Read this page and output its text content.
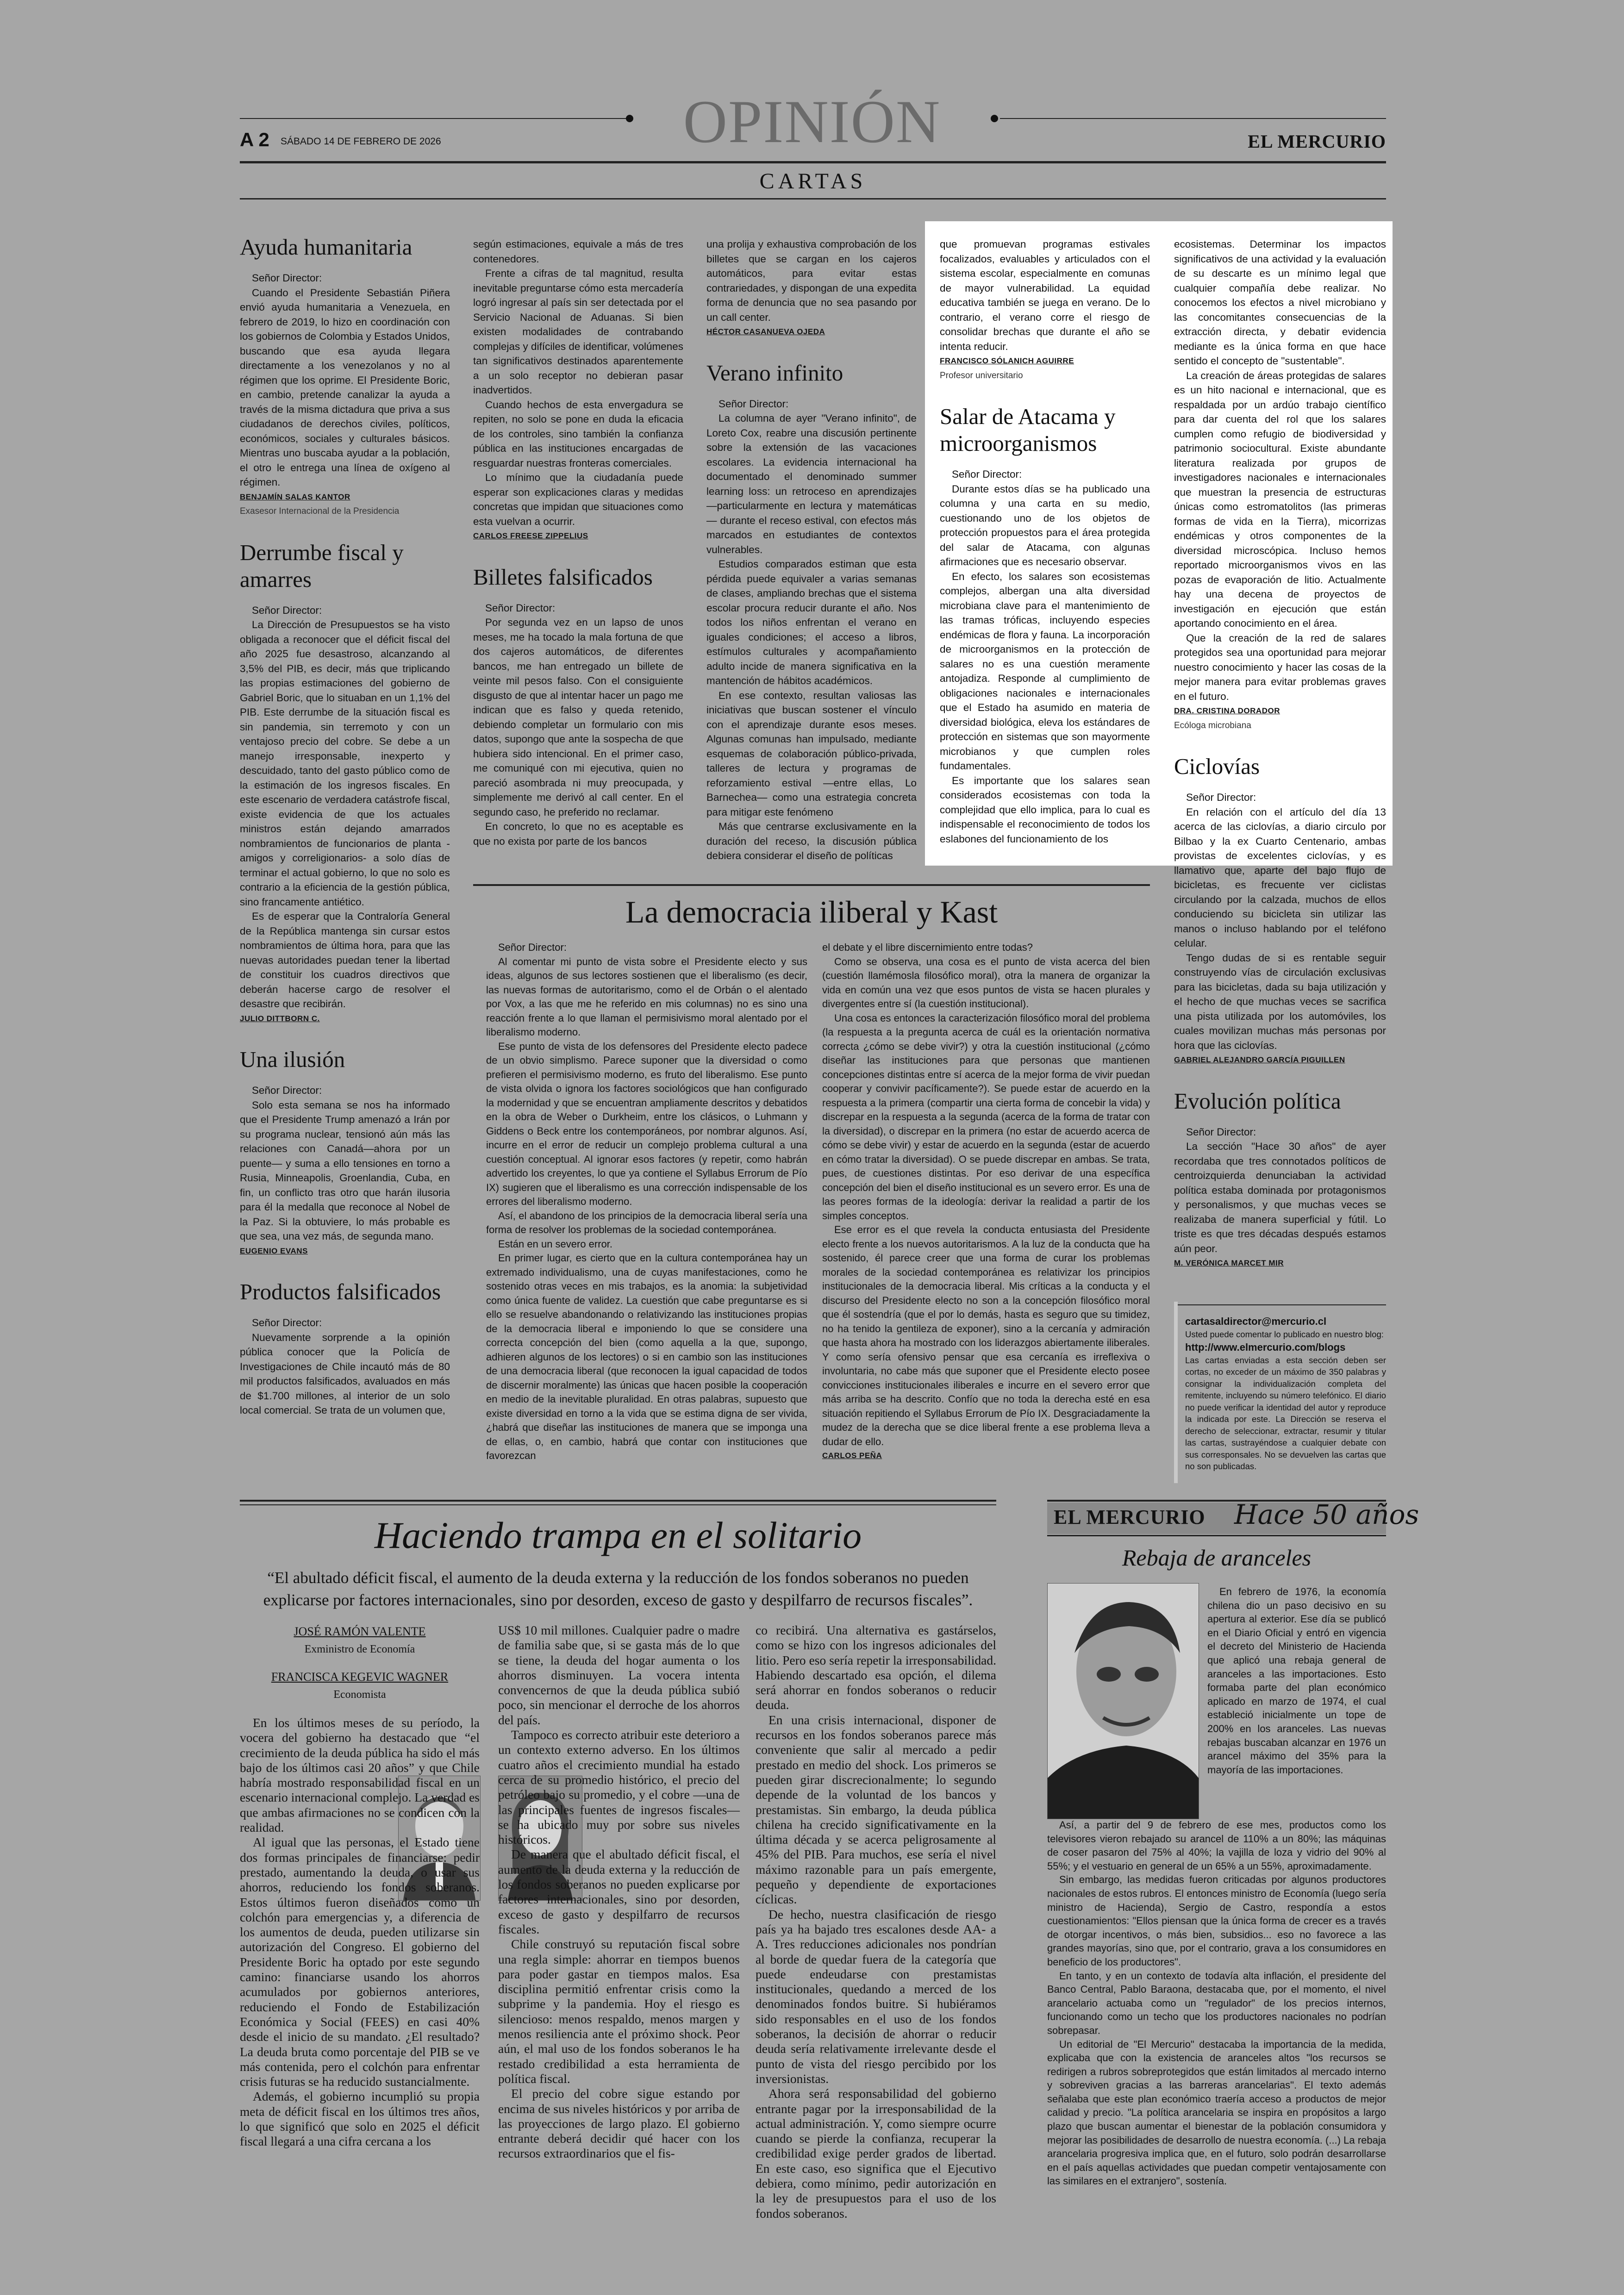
A 2 SÁBADO 14 DE FEBRERO DE 2026	OPINIÓN	EL MERCURIO
CARTAS
Ayuda humanitaria

Señor Director:

Cuando el Presidente Sebastián Piñera envió ayuda humanitaria a Venezuela, en febrero de 2019, lo hizo en coordinación con los gobiernos de Colombia y Estados Unidos, buscando que esa ayuda llegara directamente a los venezolanos y no al régimen que los oprime. El Presidente Boric, en cambio, pretende canalizar la ayuda a través de la misma dictadura que priva a sus ciudadanos de derechos civiles, políticos, económicos, sociales y culturales básicos. Mientras uno buscaba ayudar a la población, el otro le entrega una línea de oxígeno al régimen.

BENJAMÍN SALAS KANTOR

Exasesor Internacional de la Presidencia

Derrumbe fiscal y amarres

Señor Director:

La Dirección de Presupuestos se ha visto obligada a reconocer que el déficit fiscal del año 2025 fue desastroso, alcanzando al 3,5% del PIB, es decir, más que triplicando las propias estimaciones del gobierno de Gabriel Boric, que lo situaban en un 1,1% del PIB. Este derrumbe de la situación fiscal es sin pandemia, sin terremoto y con un ventajoso precio del cobre. Se debe a un manejo irresponsable, inexperto y descuidado, tanto del gasto público como de la estimación de los ingresos fiscales. En este escenario de verdadera catástrofe fiscal, existe evidencia de que los actuales ministros están dejando amarrados nombramientos de funcionarios de planta -amigos y correligionarios- a solo días de terminar el actual gobierno, lo que no solo es contrario a la eficiencia de la gestión pública, sino francamente antiético.

Es de esperar que la Contraloría General de la República mantenga sin cursar estos nombramientos de última hora, para que las nuevas autoridades puedan tener la libertad de constituir los cuadros directivos que deberán hacerse cargo de resolver el desastre que recibirán.

JULIO DITTBORN C.

Una ilusión

Señor Director:

Solo esta semana se nos ha informado que el Presidente Trump amenazó a Irán por su programa nuclear, tensionó aún más las relaciones con Canadá—ahora por un puente— y suma a ello tensiones en torno a Rusia, Minneapolis, Groenlandia, Cuba, en fin, un conflicto tras otro que harán ilusoria para él la medalla que reconoce al Nobel de la Paz. Si la obtuviere, lo más probable es que sea, una vez más, de segunda mano.

EUGENIO EVANS

Productos falsificados

Señor Director:

Nuevamente sorprende a la opinión pública conocer que la Policía de Investigaciones de Chile incautó más de 80 mil productos falsificados, avaluados en más de $1.700 millones, al interior de un solo local comercial. Se trata de un volumen que,

según estimaciones, equivale a más de tres contenedores.

Frente a cifras de tal magnitud, resulta inevitable preguntarse cómo esta mercadería logró ingresar al país sin ser detectada por el Servicio Nacional de Aduanas. Si bien existen modalidades de contrabando complejas y difíciles de identificar, volúmenes tan significativos destinados aparentemente a un solo receptor no debieran pasar inadvertidos.

Cuando hechos de esta envergadura se repiten, no solo se pone en duda la eficacia de los controles, sino también la confianza pública en las instituciones encargadas de resguardar nuestras fronteras comerciales.

Lo mínimo que la ciudadanía puede esperar son explicaciones claras y medidas concretas que impidan que situaciones como esta vuelvan a ocurrir.

CARLOS FREESE ZIPPELIUS

Billetes falsificados

Señor Director:

Por segunda vez en un lapso de unos meses, me ha tocado la mala fortuna de que dos cajeros automáticos, de diferentes bancos, me han entregado un billete de veinte mil pesos falso. Con el consiguiente disgusto de que al intentar hacer un pago me indican que es falso y queda retenido, debiendo completar un formulario con mis datos, supongo que ante la sospecha de que hubiera sido intencional. En el primer caso, me comuniqué con mi ejecutiva, quien no pareció asombrada ni muy preocupada, y simplemente me derivó al call center. En el segundo caso, he preferido no reclamar.

En concreto, lo que no es aceptable es que no exista por parte de los bancos

una prolija y exhaustiva comprobación de los billetes que se cargan en los cajeros automáticos, para evitar estas contrariedades, y dispongan de una expedita forma de denuncia que no sea pasando por un call center.

HÉCTOR CASANUEVA OJEDA

Verano infinito

Señor Director:

La columna de ayer "Verano infinito", de Loreto Cox, reabre una discusión pertinente sobre la extensión de las vacaciones escolares. La evidencia internacional ha documentado el denominado summer learning loss: un retroceso en aprendizajes —particularmente en lectura y matemáticas— durante el receso estival, con efectos más marcados en estudiantes de contextos vulnerables.

Estudios comparados estiman que esta pérdida puede equivaler a varias semanas de clases, ampliando brechas que el sistema escolar procura reducir durante el año. Nos todos los niños enfrentan el verano en iguales condiciones; el acceso a libros, estímulos culturales y acompañamiento adulto incide de manera significativa en la mantención de hábitos académicos.

En ese contexto, resultan valiosas las iniciativas que buscan sostener el vínculo con el aprendizaje durante esos meses. Algunas comunas han impulsado, mediante esquemas de colaboración público-privada, talleres de lectura y programas de reforzamiento estival —entre ellas, Lo Barnechea— como una estrategia concreta para mitigar este fenómeno

Más que centrarse exclusivamente en la duración del receso, la discusión pública debiera considerar el diseño de políticas

que promuevan programas estivales focalizados, evaluables y articulados con el sistema escolar, especialmente en comunas de mayor vulnerabilidad. La equidad educativa también se juega en verano. De lo contrario, el verano corre el riesgo de consolidar brechas que durante el año se intenta reducir.

FRANCISCO SÓLANICH AGUIRRE

Profesor universitario

Salar de Atacama y microorganismos

Señor Director:

Durante estos días se ha publicado una columna y una carta en su medio, cuestionando uno de los objetos de protección propuestos para el área protegida del salar de Atacama, con algunas afirmaciones que es necesario observar.

En efecto, los salares son ecosistemas complejos, albergan una alta diversidad microbiana clave para el mantenimiento de las tramas tróficas, incluyendo especies endémicas de flora y fauna. La incorporación de microorganismos en la protección de salares no es una cuestión meramente antojadiza. Responde al cumplimiento de obligaciones nacionales e internacionales que el Estado ha asumido en materia de diversidad biológica, eleva los estándares de protección en sistemas que son mayormente microbianos y que cumplen roles fundamentales.

Es importante que los salares sean considerados ecosistemas con toda la complejidad que ello implica, para lo cual es indispensable el reconocimiento de todos los eslabones del funcionamiento de los

ecosistemas. Determinar los impactos significativos de una actividad y la evaluación de su descarte es un mínimo legal que cualquier compañía debe realizar. No conocemos los efectos a nivel microbiano y las concomitantes consecuencias de la extracción directa, y debatir evidencia mediante es la única forma en que hace sentido el concepto de "sustentable".

La creación de áreas protegidas de salares es un hito nacional e internacional, que es respaldada por un ardúo trabajo científico para dar cuenta del rol que los salares cumplen como refugio de biodiversidad y patrimonio sociocultural. Existe abundante literatura realizada por grupos de investigadores nacionales e internacionales que muestran la presencia de estructuras únicas como estromatolitos (las primeras formas de vida en la Tierra), micorrizas endémicas y otros componentes de la diversidad microscópica. Incluso hemos reportado microorganismos vivos en las pozas de evaporación de litio. Actualmente hay una decena de proyectos de investigación en ejecución que están aportando conocimiento en el área.

Que la creación de la red de salares protegidos sea una oportunidad para mejorar nuestro conocimiento y hacer las cosas de la mejor manera para evitar problemas graves en el futuro.

DRA. CRISTINA DORADOR

Ecóloga microbiana

Ciclovías

Señor Director:

En relación con el artículo del día 13 acerca de las ciclovías, a diario circulo por Bilbao y la ex Cuarto Centenario, ambas provistas de excelentes ciclovías, y es llamativo que, aparte del bajo flujo de bicicletas, es frecuente ver ciclistas circulando por la calzada, muchos de ellos conduciendo su bicicleta sin utilizar las manos o incluso hablando por el teléfono celular.

Tengo dudas de si es rentable seguir construyendo vías de circulación exclusivas para las bicicletas, dada su baja utilización y el hecho de que muchas veces se sacrifica una pista utilizada por los automóviles, los cuales movilizan muchas más personas por hora que las ciclovías.

GABRIEL ALEJANDRO GARCÍA PIGUILLEN

Evolución política

Señor Director:

La sección "Hace 30 años" de ayer recordaba que tres connotados políticos de centroizquierda denunciaban la actividad política estaba dominada por protagonismos y personalismos, y que muchas veces se realizaba de manera superficial y fútil. Lo triste es que tres décadas después estamos aún peor.

M. VERÓNICA MARCET MIR

cartasaldirector@mercurio.cl
Usted puede comentar lo publicado en nuestro blog:
http://www.elmercurio.com/blogs
Las cartas enviadas a esta sección deben ser cortas, no exceder de un máximo de 350 palabras y consignar la individualización completa del remitente, incluyendo su número telefónico. El diario no puede verificar la identidad del autor y reproduce la indicada por este. La Dirección se reserva el derecho de seleccionar, extractar, resumir y titular las cartas, sustrayéndose a cualquier debate con sus corresponsales. No se devuelven las cartas que no son publicadas.
La democracia iliberal y Kast

Señor Director:

Al comentar mi punto de vista sobre el Presidente electo y sus ideas, algunos de sus lectores sostienen que el liberalismo (es decir, las nuevas formas de autoritarismo, como el de Orbán o el alentado por Vox, a las que me he referido en mis columnas) no es sino una reacción frente a lo que llaman el permisivismo moral alentado por el liberalismo moderno.

Ese punto de vista de los defensores del Presidente electo padece de un obvio simplismo. Parece suponer que la diversidad o como prefieren el permisivismo moderno, es fruto del liberalismo. Ese punto de vista olvida o ignora los factores sociológicos que han configurado la modernidad y que se encuentran ampliamente descritos y debatidos en la obra de Weber o Durkheim, entre los clásicos, o Luhmann y Giddens o Beck entre los contemporáneos, por nombrar algunos. Así, incurre en el error de reducir un complejo problema cultural a una cuestión conceptual. Al ignorar esos factores (y repetir, como habrán advertido los creyentes, lo que ya contiene el Syllabus Errorum de Pío IX) sugieren que el liberalismo es una corrección indispensable de los errores del liberalismo moderno.

Así, el abandono de los principios de la democracia liberal sería una forma de resolver los problemas de la sociedad contemporánea.

Están en un severo error.

En primer lugar, es cierto que en la cultura contemporánea hay un extremado individualismo, una de cuyas manifestaciones, como he sostenido otras veces en mis trabajos, es la anomia: la subjetividad como única fuente de validez. La cuestión que cabe preguntarse es si ello se resuelve abandonando o relativizando las instituciones propias de la democracia liberal e imponiendo lo que se considere una correcta concepción del bien (como aquella a la que, supongo, adhieren algunos de los lectores) o si en cambio son las instituciones de una democracia liberal (que reconocen la igual capacidad de todos de discernir moralmente) las únicas que hacen posible la cooperación en medio de la inevitable pluralidad. En otras palabras, supuesto que existe diversidad en torno a la vida que se estima digna de ser vivida, ¿habrá que diseñar las instituciones de manera que se imponga una de ellas, o, en cambio, habrá que contar con instituciones que favorezcan

el debate y el libre discernimiento entre todas?

Como se observa, una cosa es el punto de vista acerca del bien (cuestión llamémosla filosófico moral), otra la manera de organizar la vida en común una vez que esos puntos de vista se hacen plurales y divergentes entre sí (la cuestión institucional).

Una cosa es entonces la caracterización filosófico moral del problema (la respuesta a la pregunta acerca de cuál es la orientación normativa correcta ¿cómo se debe vivir?) y otra la cuestión institucional (¿cómo diseñar las instituciones para que personas que mantienen concepciones distintas entre sí acerca de la mejor forma de vivir puedan cooperar y convivir pacíficamente?). Se puede estar de acuerdo en la respuesta a la primera (compartir una cierta forma de concebir la vida) y discrepar en la respuesta a la segunda (acerca de la forma de tratar con la diversidad), o discrepar en la primera (no estar de acuerdo acerca de cómo se debe vivir) y estar de acuerdo en la segunda (estar de acuerdo en cómo tratar la diversidad). O se puede discrepar en ambas. Se trata, pues, de cuestiones distintas. Por eso derivar de una específica concepción del bien el diseño institucional es un severo error. Es una de las peores formas de la ideología: derivar la realidad a partir de los simples conceptos.

Ese error es el que revela la conducta entusiasta del Presidente electo frente a los nuevos autoritarismos. A la luz de la conducta que ha sostenido, él parece creer que una forma de curar los problemas morales de la sociedad contemporánea es relativizar los principios institucionales de la democracia liberal. Mis críticas a la conducta y el discurso del Presidente electo no son a la concepción filosófico moral que él sostendría (que el por lo demás, hasta es seguro que su timidez, no ha tenido la gentileza de exponer), sino a la cercanía y admiración que hasta ahora ha mostrado con los liderazgos abiertamente iliberales. Y como sería ofensivo pensar que esa cercanía es irreflexiva o involuntaria, no cabe más que suponer que el Presidente electo posee convicciones institucionales iliberales e incurre en el severo error que más arriba se ha descrito. Confío que no toda la derecha esté en esa situación repitiendo el Syllabus Errorum de Pío IX. Desgraciadamente la mudez de la derecha que se dice liberal frente a ese problema lleva a dudar de ello.

CARLOS PEÑA

Haciendo trampa en el solitario
“El abultado déficit fiscal, el aumento de la deuda externa y la reducción de los fondos soberanos no pueden explicarse por factores internacionales, sino por desorden, exceso de gasto y despilfarro de recursos fiscales”.
JOSÉ RAMÓN VALENTE
Exministro de Economía
FRANCISCA KEGEVIC WAGNER
Economista

En los últimos meses de su período, la vocera del gobierno ha destacado que “el crecimiento de la deuda pública ha sido el más bajo de los últimos casi 20 años” y que Chile habría mostrado responsabilidad fiscal en un escenario internacional complejo. La verdad es que ambas afirmaciones no se condicen con la realidad.

Al igual que las personas, el Estado tiene dos formas principales de financiarse: pedir prestado, aumentando la deuda, o usar sus ahorros, reduciendo los fondos soberanos. Estos últimos fueron diseñados como un colchón para emergencias y, a diferencia de los aumentos de deuda, pueden utilizarse sin autorización del Congreso. El gobierno del Presidente Boric ha optado por este segundo camino: financiarse usando los ahorros acumulados por gobiernos anteriores, reduciendo el Fondo de Estabilización Económica y Social (FEES) en casi 40% desde el inicio de su mandato. ¿El resultado? La deuda bruta como porcentaje del PIB se ve más contenida, pero el colchón para enfrentar crisis futuras se ha reducido sustancialmente.

Además, el gobierno incumplió su propia meta de déficit fiscal en los últimos tres años, lo que significó que solo en 2025 el déficit fiscal llegará a una cifra cercana a los

US$ 10 mil millones. Cualquier padre o madre de familia sabe que, si se gasta más de lo que se tiene, la deuda del hogar aumenta o los ahorros disminuyen. La vocera intenta convencernos de que la deuda pública subió poco, sin mencionar el derroche de los ahorros del país.

Tampoco es correcto atribuir este deterioro a un contexto externo adverso. En los últimos cuatro años el crecimiento mundial ha estado cerca de su promedio histórico, el precio del petróleo bajo su promedio, y el cobre —una de las principales fuentes de ingresos fiscales— se ha ubicado muy por sobre sus niveles históricos.

De manera que el abultado déficit fiscal, el aumento de la deuda externa y la reducción de los fondos soberanos no pueden explicarse por factores internacionales, sino por desorden, exceso de gasto y despilfarro de recursos fiscales.

Chile construyó su reputación fiscal sobre una regla simple: ahorrar en tiempos buenos para poder gastar en tiempos malos. Esa disciplina permitió enfrentar crisis como la subprime y la pandemia. Hoy el riesgo es silencioso: menos respaldo, menos margen y menos resiliencia ante el próximo shock. Peor aún, el mal uso de los fondos soberanos le ha restado credibilidad a esta herramienta de política fiscal.

El precio del cobre sigue estando por encima de sus niveles históricos y por arriba de las proyecciones de largo plazo. El gobierno entrante deberá decidir qué hacer con los recursos extraordinarios que el fis-

co recibirá. Una alternativa es gastárselos, como se hizo con los ingresos adicionales del litio. Pero eso sería repetir la irresponsabilidad. Habiendo descartado esa opción, el dilema será ahorrar en fondos soberanos o reducir deuda.

En una crisis internacional, disponer de recursos en los fondos soberanos parece más conveniente que salir al mercado a pedir prestado en medio del shock. Los primeros se pueden girar discrecionalmente; lo segundo depende de la voluntad de los bancos y prestamistas. Sin embargo, la deuda pública chilena ha crecido significativamente en la última década y se acerca peligrosamente al 45% del PIB. Para muchos, ese sería el nivel máximo razonable para un país emergente, pequeño y dependiente de exportaciones cíclicas.

De hecho, nuestra clasificación de riesgo país ya ha bajado tres escalones desde AA- a A. Tres reducciones adicionales nos pondrían al borde de quedar fuera de la categoría que puede endeudarse con prestamistas institucionales, quedando a merced de los denominados fondos buitre. Si hubiéramos sido responsables en el uso de los fondos soberanos, la decisión de ahorrar o reducir deuda sería relativamente irrelevante desde el punto de vista del riesgo percibido por los inversionistas.

Ahora será responsabilidad del gobierno entrante pagar por la irresponsabilidad de la actual administración. Y, como siempre ocurre cuando se pierde la confianza, recuperar la credibilidad exige perder grados de libertad. En este caso, eso significa que el Ejecutivo debiera, como mínimo, pedir autorización en la ley de presupuestos para el uso de los fondos soberanos.

EL MERCURIO Hace 50 años
Rebaja de aranceles

En febrero de 1976, la economía chilena dio un paso decisivo en su apertura al exterior. Ese día se publicó en el Diario Oficial y entró en vigencia el decreto del Ministerio de Hacienda que aplicó una rebaja general de aranceles a las importaciones. Esto formaba parte del plan económico aplicado en marzo de 1974, el cual estableció inicialmente un tope de 200% en los aranceles. Las nuevas rebajas buscaban alcanzar en 1976 un arancel máximo del 35% para la mayoría de las importaciones.

Así, a partir del 9 de febrero de ese mes, productos como los televisores vieron rebajado su arancel de 110% a un 80%; las máquinas de coser pasaron del 75% al 40%; la vajilla de loza y vidrio del 90% al 55%; y el vestuario en general de un 65% a un 55%, aproximadamente.

Sin embargo, las medidas fueron criticadas por algunos productores nacionales de estos rubros. El entonces ministro de Economía (luego sería ministro de Hacienda), Sergio de Castro, respondía a estos cuestionamientos: "Ellos piensan que la única forma de crecer es a través de otorgar incentivos, o más bien, subsidios... eso no favorece a las grandes mayorías, sino que, por el contrario, grava a los consumidores en beneficio de los productores".

En tanto, y en un contexto de todavía alta inflación, el presidente del Banco Central, Pablo Baraona, destacaba que, por el momento, el nivel arancelario actuaba como un "regulador" de los precios internos, funcionando como un techo que los productores nacionales no podrían sobrepasar.

Un editorial de "El Mercurio" destacaba la importancia de la medida, explicaba que con la existencia de aranceles altos "los recursos se redirigen a rubros sobreprotegidos que están limitados al mercado interno y sobreviven gracias a las barreras arancelarias". El texto además señalaba que este plan económico traería acceso a productos de mejor calidad y precio. "La política arancelaria se inspira en propósitos a largo plazo que buscan aumentar el bienestar de la población consumidora y mejorar las posibilidades de desarrollo de nuestra economía. (...) La rebaja arancelaria progresiva implica que, en el futuro, solo podrán desarrollarse en el país aquellas actividades que puedan competir ventajosamente con las similares en el extranjero", sostenía.
